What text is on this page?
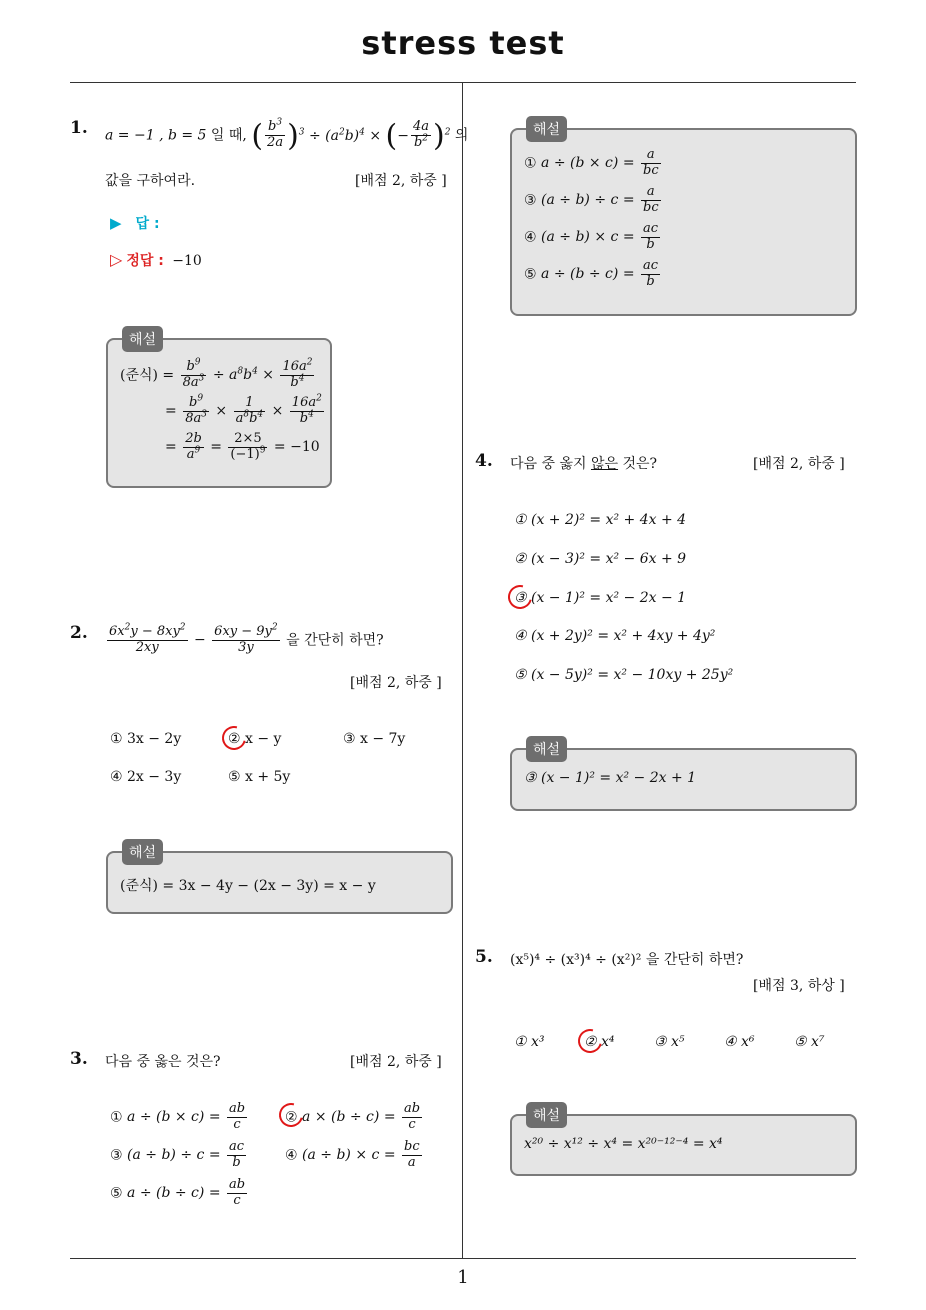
stress test
1
1. a = −1 , b = 5 일 때, ( $\frac{b^3}{2a} )^3 \div (a^2b)^4$ × (− $\frac{4a}{b^2} )^2$ 의
값을 구하여라.	[배점 2, 하중 ]
▶ 답 :
▷ 정답 : −10
해설
(준식) = $\frac{b^9}{8a^3} \div a^8b^4 \times \frac{16a^2}{b^4}$
= $\frac{b^9}{8a^3} \times \frac{1}{a^8b^4} \times \frac{16a^2}{b^4}$
= $\frac{2b}{a^9} = \frac{2\times 5}{(-1)^9} = -10$
2. $\frac{6x^2y - 8xy^2}{2xy} - \frac{6xy - 9y^2}{3y}$ 을 간단히 하면?
[배점 2, 하중 ]
① 3x − 2y	② x − y	③ x − 7y
④ 2x − 3y	⑤ x + 5y
해설
(준식) = 3x − 4y − (2x − 3y) = x − y
3. 다음 중 옳은 것은?	[배점 2, 하중 ]
① $a \div (b \times c) = \frac{ab}{c}$	② $a \times (b \div c) = \frac{ab}{c}$
③ $(a \div b) \div c = \frac{ac}{b}$	④ $(a \div b) \times c = \frac{bc}{a}$
⑤ $a \div (b \div c) = \frac{ab}{c}$
해설
① $a \div (b \times c) = \frac{a}{bc}$
③ $(a \div b) \div c = \frac{a}{bc}$
④ $(a \div b) \times c = \frac{ac}{b}$
⑤ $a \div (b \div c) = \frac{ac}{b}$
4. 다음 중 옳지 않은 것은?	[배점 2, 하중 ]
① (x + 2)² = x² + 4x + 4
② (x − 3)² = x² − 6x + 9
③ (x − 1)² = x² − 2x − 1
④ (x + 2y)² = x² + 4xy + 4y²
⑤ (x − 5y)² = x² − 10xy + 25y²
해설
③ (x − 1)² = x² − 2x + 1
5. (x⁵)⁴ ÷ (x³)⁴ ÷ (x²)² 을 간단히 하면?
[배점 3, 하상 ]
① x³	② x⁴	③ x⁵	④ x⁶	⑤ x⁷
해설
x²⁰ ÷ x¹² ÷ x⁴ = x²⁰⁻¹²⁻⁴ = x⁴
